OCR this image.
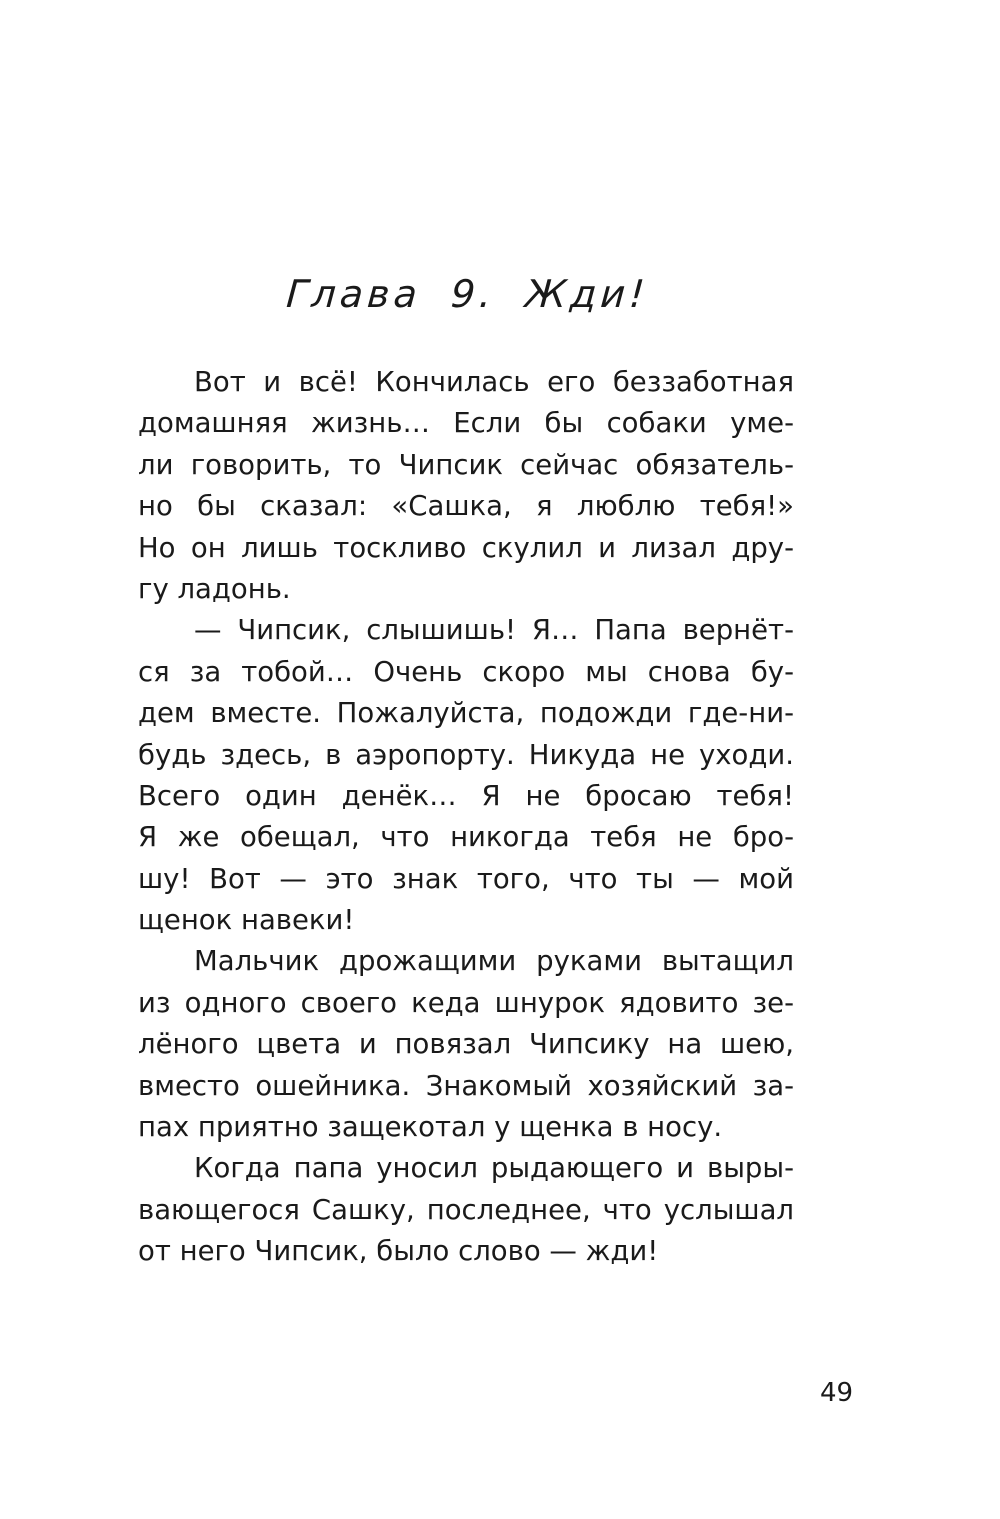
Глава 9. Жди!
Вот и всё! Кончилась его беззаботная
домашняя жизнь… Если бы собаки уме-
ли говорить, то Чипсик сейчас обязатель-
но бы сказал: «Сашка, я люблю тебя!»
Но он лишь тоскливо скулил и лизал дру-
гу ладонь.
— Чипсик, слышишь! Я… Папа вернёт-
ся за тобой… Очень скоро мы снова бу-
дем вместе. Пожалуйста, подожди где-ни-
будь здесь, в аэропорту. Никуда не уходи.
Всего один денёк… Я не бросаю тебя!
Я же обещал, что никогда тебя не бро-
шу! Вот — это знак того, что ты — мой
щенок навеки!
Мальчик дрожащими руками вытащил
из одного своего кеда шнурок ядовито зе-
лёного цвета и повязал Чипсику на шею,
вместо ошейника. Знакомый хозяйский за-
пах приятно защекотал у щенка в носу.
Когда папа уносил рыдающего и выры-
вающегося Сашку, последнее, что услышал
от него Чипсик, было слово — жди!
49
